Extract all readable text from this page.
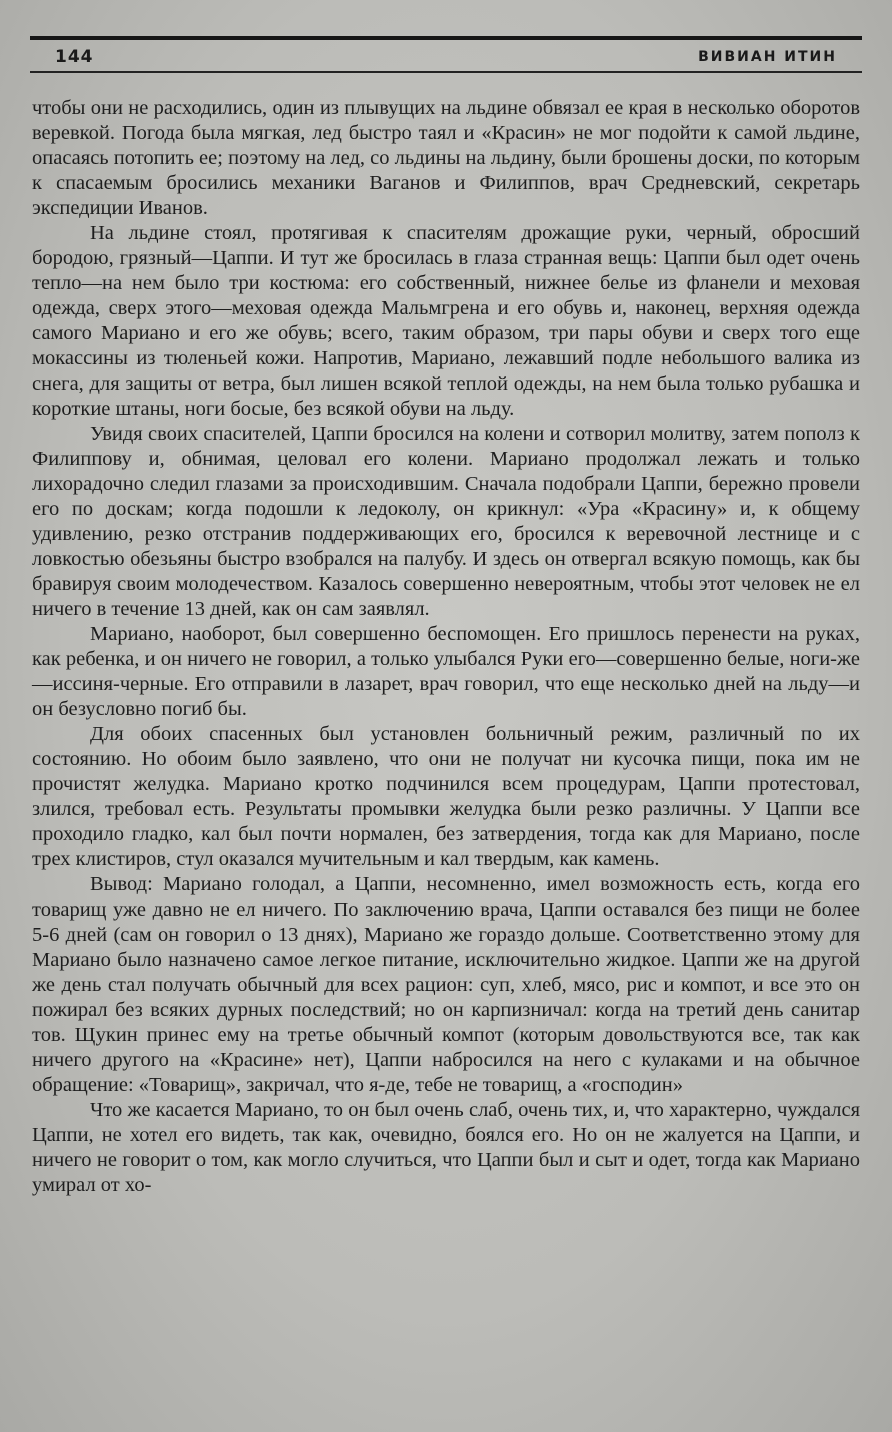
144	ВИВИАН ИТИН

чтобы они не расходились, один из плывущих на льдине обвязал ее края в несколько оборотов веревкой. Погода была мягкая, лед быстро таял и «Красин» не мог подойти к самой льдине, опасаясь потопить ее; поэтому на лед, со льдины на льдину, были брошены доски, по которым к спасаемым бросились механики Ваганов и Филиппов, врач Средневский, секретарь экспедиции Иванов.

На льдине стоял, протягивая к спасителям дрожащие руки, черный, обросший бородою, грязный—Цаппи. И тут же бросилась в глаза странная вещь: Цаппи был одет очень тепло—на нем было три костюма: его собственный, нижнее белье из фланели и меховая одежда, сверх этого—меховая одежда Мальмгрена и его обувь и, наконец, верхняя одежда самого Мариано и его же обувь; всего, таким образом, три пары обуви и сверх того еще мокассины из тюленьей кожи. Напротив, Мариано, лежавший подле небольшого валика из снега, для защиты от ветра, был лишен всякой теплой одежды, на нем была только рубашка и короткие штаны, ноги босые, без всякой обуви на льду.

Увидя своих спасителей, Цаппи бросился на колени и сотворил молитву, затем пополз к Филиппову и, обнимая, целовал его колени. Мариано продолжал лежать и только лихорадочно следил глазами за происходившим. Сначала подобрали Цаппи, бережно провели его по доскам; когда подошли к ледоколу, он крикнул: «Ура «Красину» и, к общему удивлению, резко отстранив поддерживающих его, бросился к веревочной лестнице и с ловкостью обезьяны быстро взобрался на палубу. И здесь он отвергал всякую помощь, как бы бравируя своим молодечеством. Казалось совершенно невероятным, чтобы этот человек не ел ничего в течение 13 дней, как он сам заявлял.

Мариано, наоборот, был совершенно беспомощен. Его пришлось перенести на руках, как ребенка, и он ничего не говорил, а только улыбался Руки его—совершенно белые, ноги-же—иссиня-черные. Его отправили в лазарет, врач говорил, что еще несколько дней на льду—и он безусловно погиб бы.

Для обоих спасенных был установлен больничный режим, различный по их состоянию. Но обоим было заявлено, что они не получат ни кусочка пищи, пока им не прочистят желудка. Мариано кротко подчинился всем процедурам, Цаппи протестовал, злился, требовал есть. Результаты промывки желудка были резко различны. У Цаппи все проходило гладко, кал был почти нормален, без затвердения, тогда как для Мариано, после трех клистиров, стул оказался мучительным и кал твердым, как камень.

Вывод: Мариано голодал, а Цаппи, несомненно, имел возможность есть, когда его товарищ уже давно не ел ничего. По заключению врача, Цаппи оставался без пищи не более 5-6 дней (сам он говорил о 13 днях), Мариано же гораздо дольше. Соответственно этому для Мариано было назначено самое легкое питание, исключительно жидкое. Цаппи же на другой же день стал получать обычный для всех рацион: суп, хлеб, мясо, рис и компот, и все это он пожирал без всяких дурных последствий; но он карпизничал: когда на третий день санитар тов. Щукин принес ему на третье обычный компот (которым довольствуются все, так как ничего другого на «Красине» нет), Цаппи набросился на него с кулаками и на обычное обращение: «Товарищ», закричал, что я-де, тебе не товарищ, а «господин»

Что же касается Мариано, то он был очень слаб, очень тих, и, что характерно, чуждался Цаппи, не хотел его видеть, так как, очевидно, боялся его. Но он не жалуется на Цаппи, и ничего не говорит о том, как могло случиться, что Цаппи был и сыт и одет, тогда как Мариано умирал от хо-
